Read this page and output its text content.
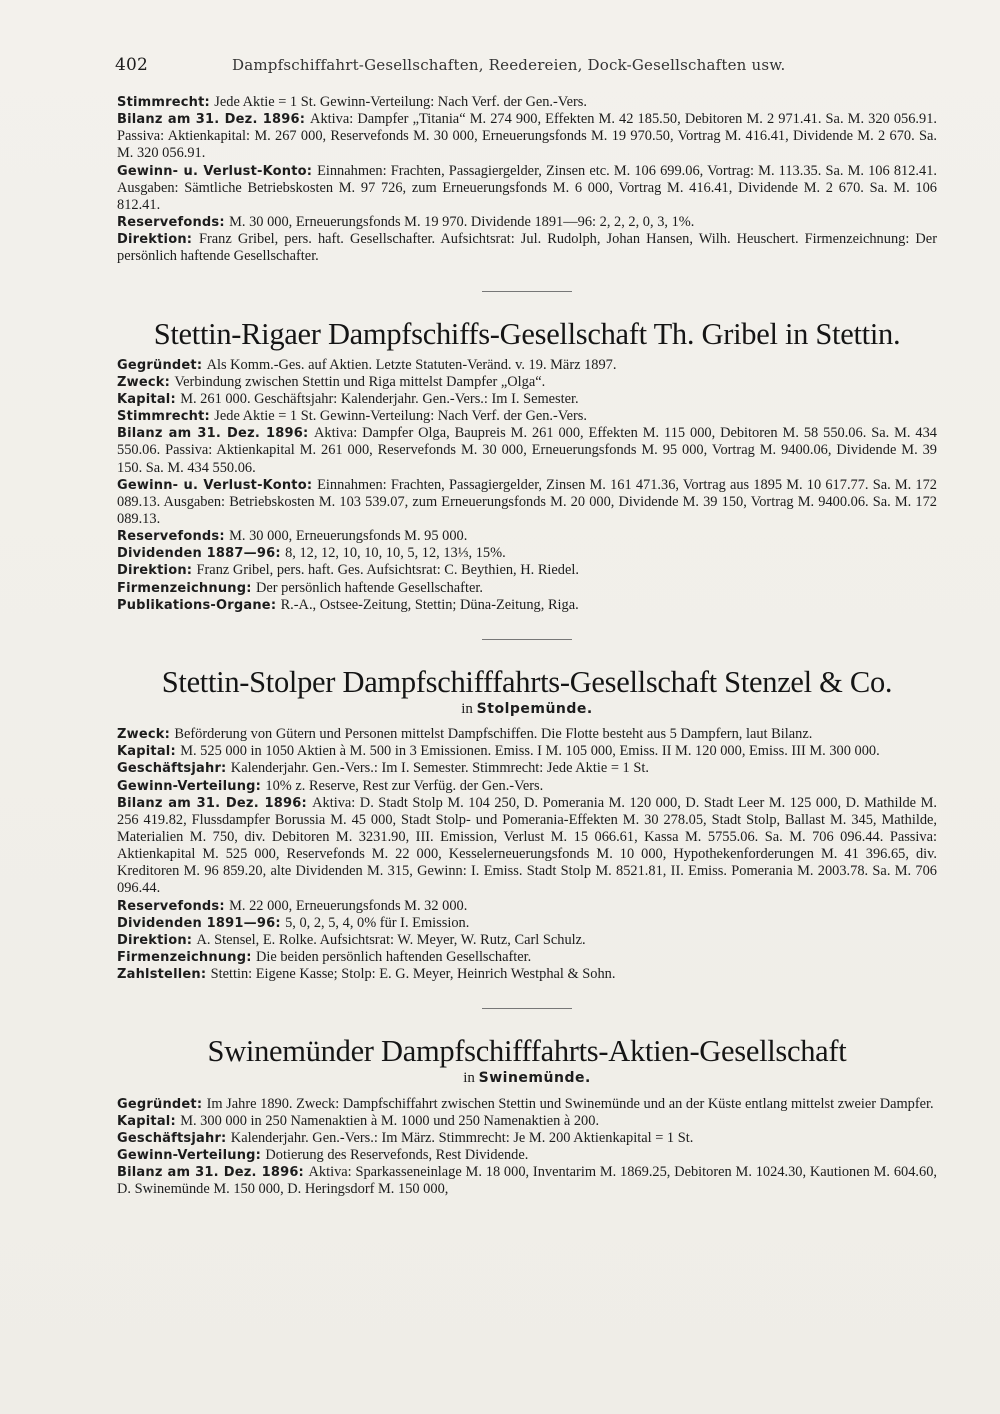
402	Dampfschiffahrt-Gesellschaften, Reedereien, Dock-Gesellschaften usw.

Stimmrecht: Jede Aktie = 1 St. Gewinn-Verteilung: Nach Verf. der Gen.-Vers.

Bilanz am 31. Dez. 1896: Aktiva: Dampfer „Titania“ M. 274 900, Effekten M. 42 185.50, Debitoren M. 2 971.41. Sa. M. 320 056.91. Passiva: Aktienkapital: M. 267 000, Reservefonds M. 30 000, Erneuerungsfonds M. 19 970.50, Vortrag M. 416.41, Dividende M. 2 670. Sa. M. 320 056.91.

Gewinn- u. Verlust-Konto: Einnahmen: Frachten, Passagiergelder, Zinsen etc. M. 106 699.06, Vortrag: M. 113.35. Sa. M. 106 812.41. Ausgaben: Sämtliche Betriebskosten M. 97 726, zum Erneuerungsfonds M. 6 000, Vortrag M. 416.41, Dividende M. 2 670. Sa. M. 106 812.41.

Reservefonds: M. 30 000, Erneuerungsfonds M. 19 970. Dividende 1891—96: 2, 2, 2, 0, 3, 1%.

Direktion: Franz Gribel, pers. haft. Gesellschafter. Aufsichtsrat: Jul. Rudolph, Johan Hansen, Wilh. Heuschert. Firmenzeichnung: Der persönlich haftende Gesellschafter.

Stettin-Rigaer Dampfschiffs-Gesellschaft Th. Gribel in Stettin.

Gegründet: Als Komm.-Ges. auf Aktien. Letzte Statuten-Veränd. v. 19. März 1897.

Zweck: Verbindung zwischen Stettin und Riga mittelst Dampfer „Olga“.

Kapital: M. 261 000. Geschäftsjahr: Kalenderjahr. Gen.-Vers.: Im I. Semester.

Stimmrecht: Jede Aktie = 1 St. Gewinn-Verteilung: Nach Verf. der Gen.-Vers.

Bilanz am 31. Dez. 1896: Aktiva: Dampfer Olga, Baupreis M. 261 000, Effekten M. 115 000, Debitoren M. 58 550.06. Sa. M. 434 550.06. Passiva: Aktienkapital M. 261 000, Reservefonds M. 30 000, Erneuerungsfonds M. 95 000, Vortrag M. 9400.06, Dividende M. 39 150. Sa. M. 434 550.06.

Gewinn- u. Verlust-Konto: Einnahmen: Frachten, Passagiergelder, Zinsen M. 161 471.36, Vortrag aus 1895 M. 10 617.77. Sa. M. 172 089.13. Ausgaben: Betriebskosten M. 103 539.07, zum Erneuerungsfonds M. 20 000, Dividende M. 39 150, Vortrag M. 9400.06. Sa. M. 172 089.13.

Reservefonds: M. 30 000, Erneuerungsfonds M. 95 000.

Dividenden 1887—96: 8, 12, 12, 10, 10, 10, 5, 12, 13⅓, 15%.

Direktion: Franz Gribel, pers. haft. Ges. Aufsichtsrat: C. Beythien, H. Riedel.

Firmenzeichnung: Der persönlich haftende Gesellschafter.

Publikations-Organe: R.-A., Ostsee-Zeitung, Stettin; Düna-Zeitung, Riga.

Stettin-Stolper Dampfschifffahrts-Gesellschaft Stenzel & Co.
in Stolpemünde.

Zweck: Beförderung von Gütern und Personen mittelst Dampfschiffen. Die Flotte besteht aus 5 Dampfern, laut Bilanz.

Kapital: M. 525 000 in 1050 Aktien à M. 500 in 3 Emissionen. Emiss. I M. 105 000, Emiss. II M. 120 000, Emiss. III M. 300 000.

Geschäftsjahr: Kalenderjahr. Gen.-Vers.: Im I. Semester. Stimmrecht: Jede Aktie = 1 St.

Gewinn-Verteilung: 10% z. Reserve, Rest zur Verfüg. der Gen.-Vers.

Bilanz am 31. Dez. 1896: Aktiva: D. Stadt Stolp M. 104 250, D. Pomerania M. 120 000, D. Stadt Leer M. 125 000, D. Mathilde M. 256 419.82, Flussdampfer Borussia M. 45 000, Stadt Stolp- und Pomerania-Effekten M. 30 278.05, Stadt Stolp, Ballast M. 345, Mathilde, Materialien M. 750, div. Debitoren M. 3231.90, III. Emission, Verlust M. 15 066.61, Kassa M. 5755.06. Sa. M. 706 096.44. Passiva: Aktienkapital M. 525 000, Reservefonds M. 22 000, Kesselerneuerungsfonds M. 10 000, Hypothekenforderungen M. 41 396.65, div. Kreditoren M. 96 859.20, alte Dividenden M. 315, Gewinn: I. Emiss. Stadt Stolp M. 8521.81, II. Emiss. Pomerania M. 2003.78. Sa. M. 706 096.44.

Reservefonds: M. 22 000, Erneuerungsfonds M. 32 000.

Dividenden 1891—96: 5, 0, 2, 5, 4, 0% für I. Emission.

Direktion: A. Stensel, E. Rolke. Aufsichtsrat: W. Meyer, W. Rutz, Carl Schulz.

Firmenzeichnung: Die beiden persönlich haftenden Gesellschafter.

Zahlstellen: Stettin: Eigene Kasse; Stolp: E. G. Meyer, Heinrich Westphal & Sohn.

Swinemünder Dampfschifffahrts-Aktien-Gesellschaft
in Swinemünde.

Gegründet: Im Jahre 1890. Zweck: Dampfschiffahrt zwischen Stettin und Swinemünde und an der Küste entlang mittelst zweier Dampfer.

Kapital: M. 300 000 in 250 Namenaktien à M. 1000 und 250 Namenaktien à 200.

Geschäftsjahr: Kalenderjahr. Gen.-Vers.: Im März. Stimmrecht: Je M. 200 Aktienkapital = 1 St.

Gewinn-Verteilung: Dotierung des Reservefonds, Rest Dividende.

Bilanz am 31. Dez. 1896: Aktiva: Sparkasseneinlage M. 18 000, Inventarim M. 1869.25, Debitoren M. 1024.30, Kautionen M. 604.60, D. Swinemünde M. 150 000, D. Heringsdorf M. 150 000,
